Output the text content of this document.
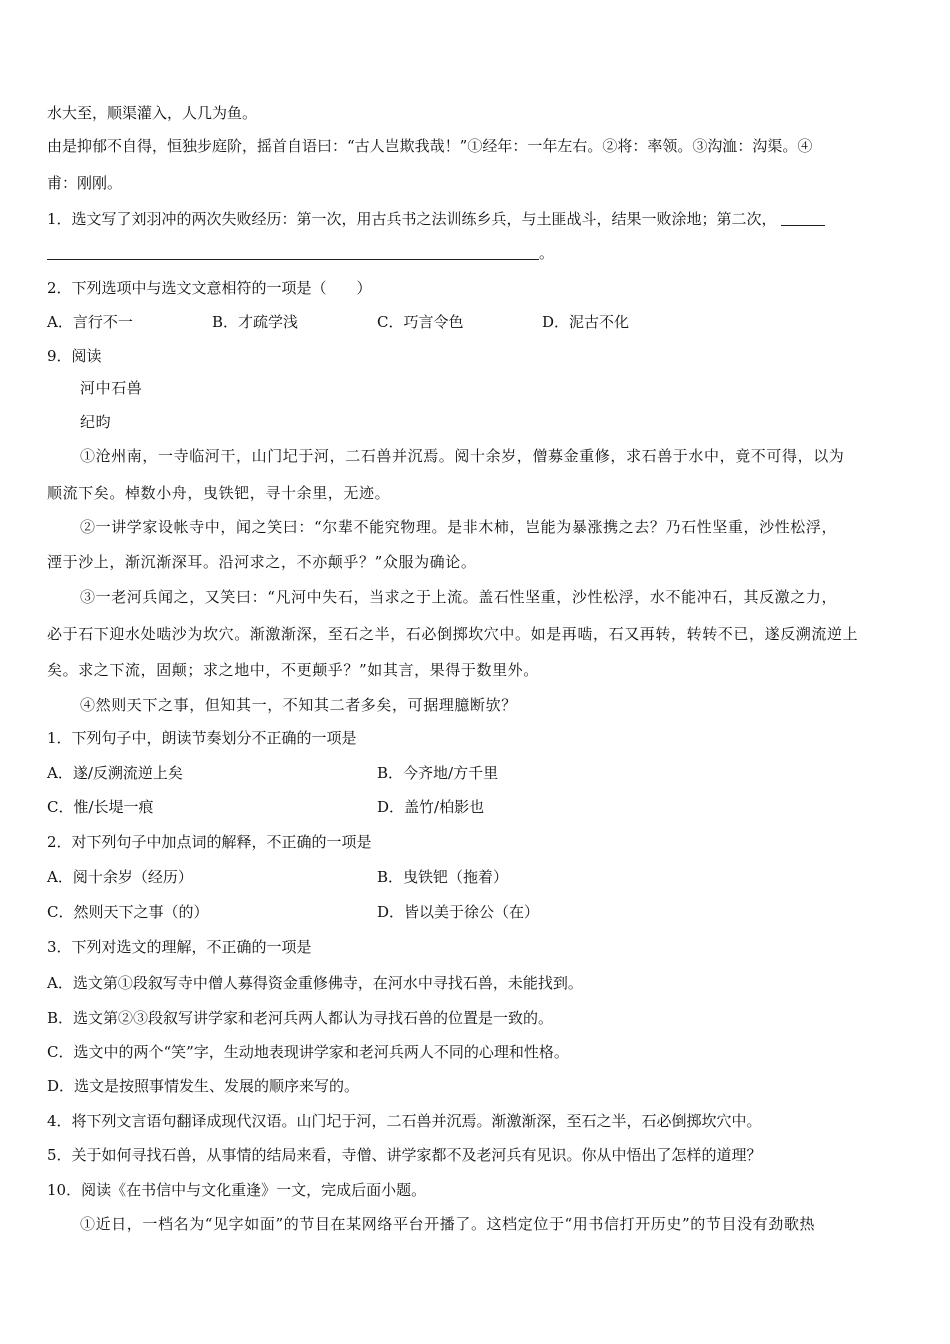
水大至，顺渠灌入，人几为鱼。
由是抑郁不自得，恒独步庭阶，摇首自语曰：“古人岂欺我哉！”①经年：一年左右。②将：率领。③沟洫：沟渠。④
甫：刚刚。
1．选文写了刘羽冲的两次失败经历：第一次，用古兵书之法训练乡兵，与土匪战斗，结果一败涂地；第二次，
。
2．下列选项中与选文文意相符的一项是（　　）
A．言行不一	B．才疏学浅	C．巧言令色	D．泥古不化
9．阅读
河中石兽
纪昀
①沧州南，一寺临河干，山门圮于河，二石兽并沉焉。阅十余岁，僧募金重修，求石兽于水中，竟不可得，以为
顺流下矣。棹数小舟，曳铁钯，寻十余里，无迹。
②一讲学家设帐寺中，闻之笑曰：“尔辈不能究物理。是非木柿，岂能为暴涨携之去？乃石性坚重，沙性松浮，
湮于沙上，渐沉渐深耳。沿河求之，不亦颠乎？”众服为确论。
③一老河兵闻之，又笑曰：“凡河中失石，当求之于上流。盖石性坚重，沙性松浮，水不能冲石，其反激之力，
必于石下迎水处啮沙为坎穴。渐激渐深，至石之半，石必倒掷坎穴中。如是再啮，石又再转，转转不已，遂反溯流逆上
矣。求之下流，固颠；求之地中，不更颠乎？”如其言，果得于数里外。
④然则天下之事，但知其一，不知其二者多矣，可据理臆断欤？
1．下列句子中，朗读节奏划分不正确的一项是
A．遂/反溯流逆上矣	B．今齐地/方千里
C．惟/长堤一痕	D．盖竹/柏影也
2．对下列句子中加点词的解释，不正确的一项是
A．阅十余岁（经历）	B．曳铁钯（拖着）
C．然则天下之事（的）	D．皆以美于徐公（在）
3．下列对选文的理解，不正确的一项是
A．选文第①段叙写寺中僧人募得资金重修佛寺，在河水中寻找石兽，未能找到。
B．选文第②③段叙写讲学家和老河兵两人都认为寻找石兽的位置是一致的。
C．选文中的两个“笑”字，生动地表现讲学家和老河兵两人不同的心理和性格。
D．选文是按照事情发生、发展的顺序来写的。
4．将下列文言语句翻译成现代汉语。山门圮于河，二石兽并沉焉。渐激渐深，至石之半，石必倒掷坎穴中。
5．关于如何寻找石兽，从事情的结局来看，寺僧、讲学家都不及老河兵有见识。你从中悟出了怎样的道理？
10．阅读《在书信中与文化重逢》一文，完成后面小题。
①近日，一档名为“见字如面”的节目在某网络平台开播了。这档定位于“用书信打开历史”的节目没有劲歌热
